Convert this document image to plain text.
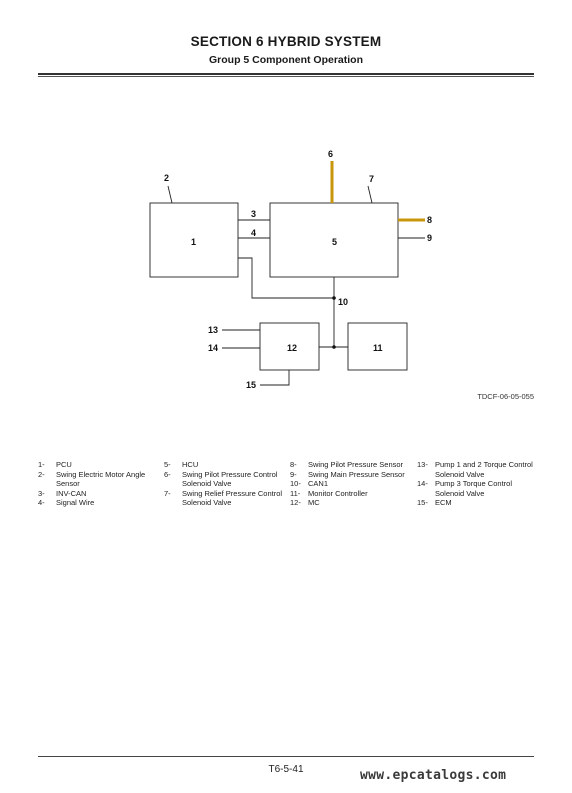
SECTION 6 HYBRID SYSTEM
Group 5 Component Operation
1	5
12	11
2
3
4
6
7
8
9
10
13
14
15
TDCF-06-05-055
1-	PCU
2-	Swing Electric Motor Angle Sensor
3-	INV-CAN
4-	Signal Wire
5-	HCU
6-	Swing Pilot Pressure Control Solenoid Valve
7-	Swing Relief Pressure Control Solenoid Valve
8-	Swing Pilot Pressure Sensor
9-	Swing Main Pressure Sensor
10- CAN1
11-	Monitor Controller
12- MC
13- Pump 1 and 2 Torque Control Solenoid Valve
14- Pump 3 Torque Control Solenoid Valve
15- ECM
T6-5-41	www.epcatalogs.com
